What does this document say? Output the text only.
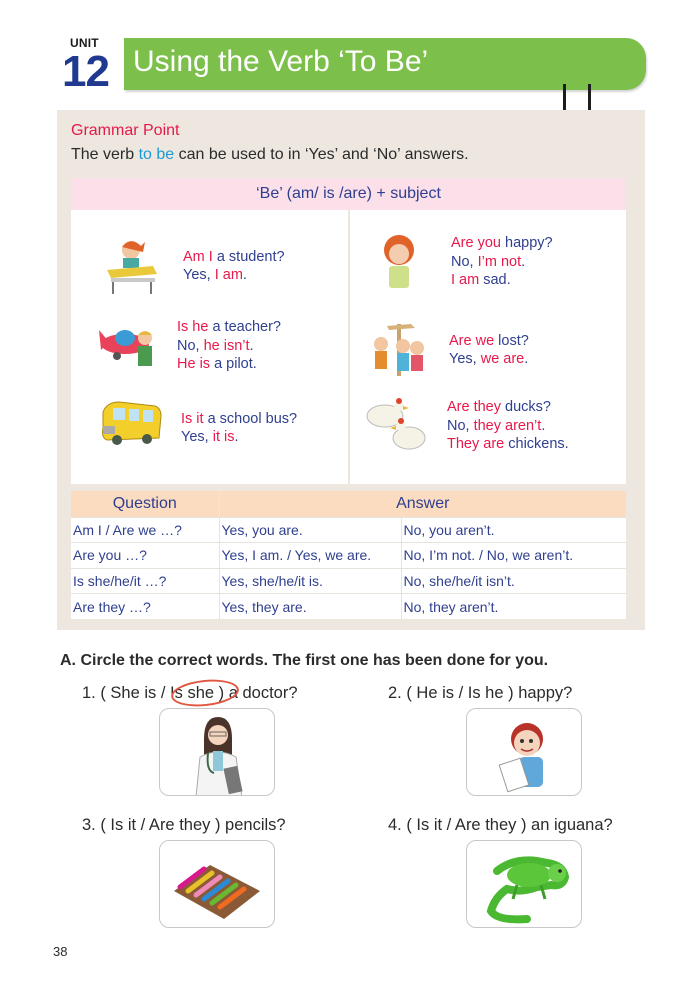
UNIT
12 Using the Verb ‘To Be’
Grammar Point
The verb to be can be used to in ‘Yes’ and ‘No’ answers.
‘Be’ (am/ is /are) + subject
Am I a student?
Yes, I am.
Is he a teacher?
No, he isn’t.
He is a pilot.
Is it a school bus?
Yes, it is.
Are you happy?
No, I’m not.
I am sad.
Are we lost?
Yes, we are.
Are they ducks?
No, they aren’t.
They are chickens.
Question	Answer	
Am I / Are we …?	Yes, you are.	No, you aren’t.
Are you …?	Yes, I am. / Yes, we are.	No, I’m not. / No, we aren’t.
Is she/he/it …?	Yes, she/he/it is.	No, she/he/it isn’t.
Are they …?	Yes, they are.	No, they aren’t.
A. Circle the correct words. The first one has been done for you.
1. ( She is / Is she ) a doctor?	2. ( He is / Is he ) happy?
3. ( Is it / Are they ) pencils?	4. ( Is it / Are they ) an iguana?
38
